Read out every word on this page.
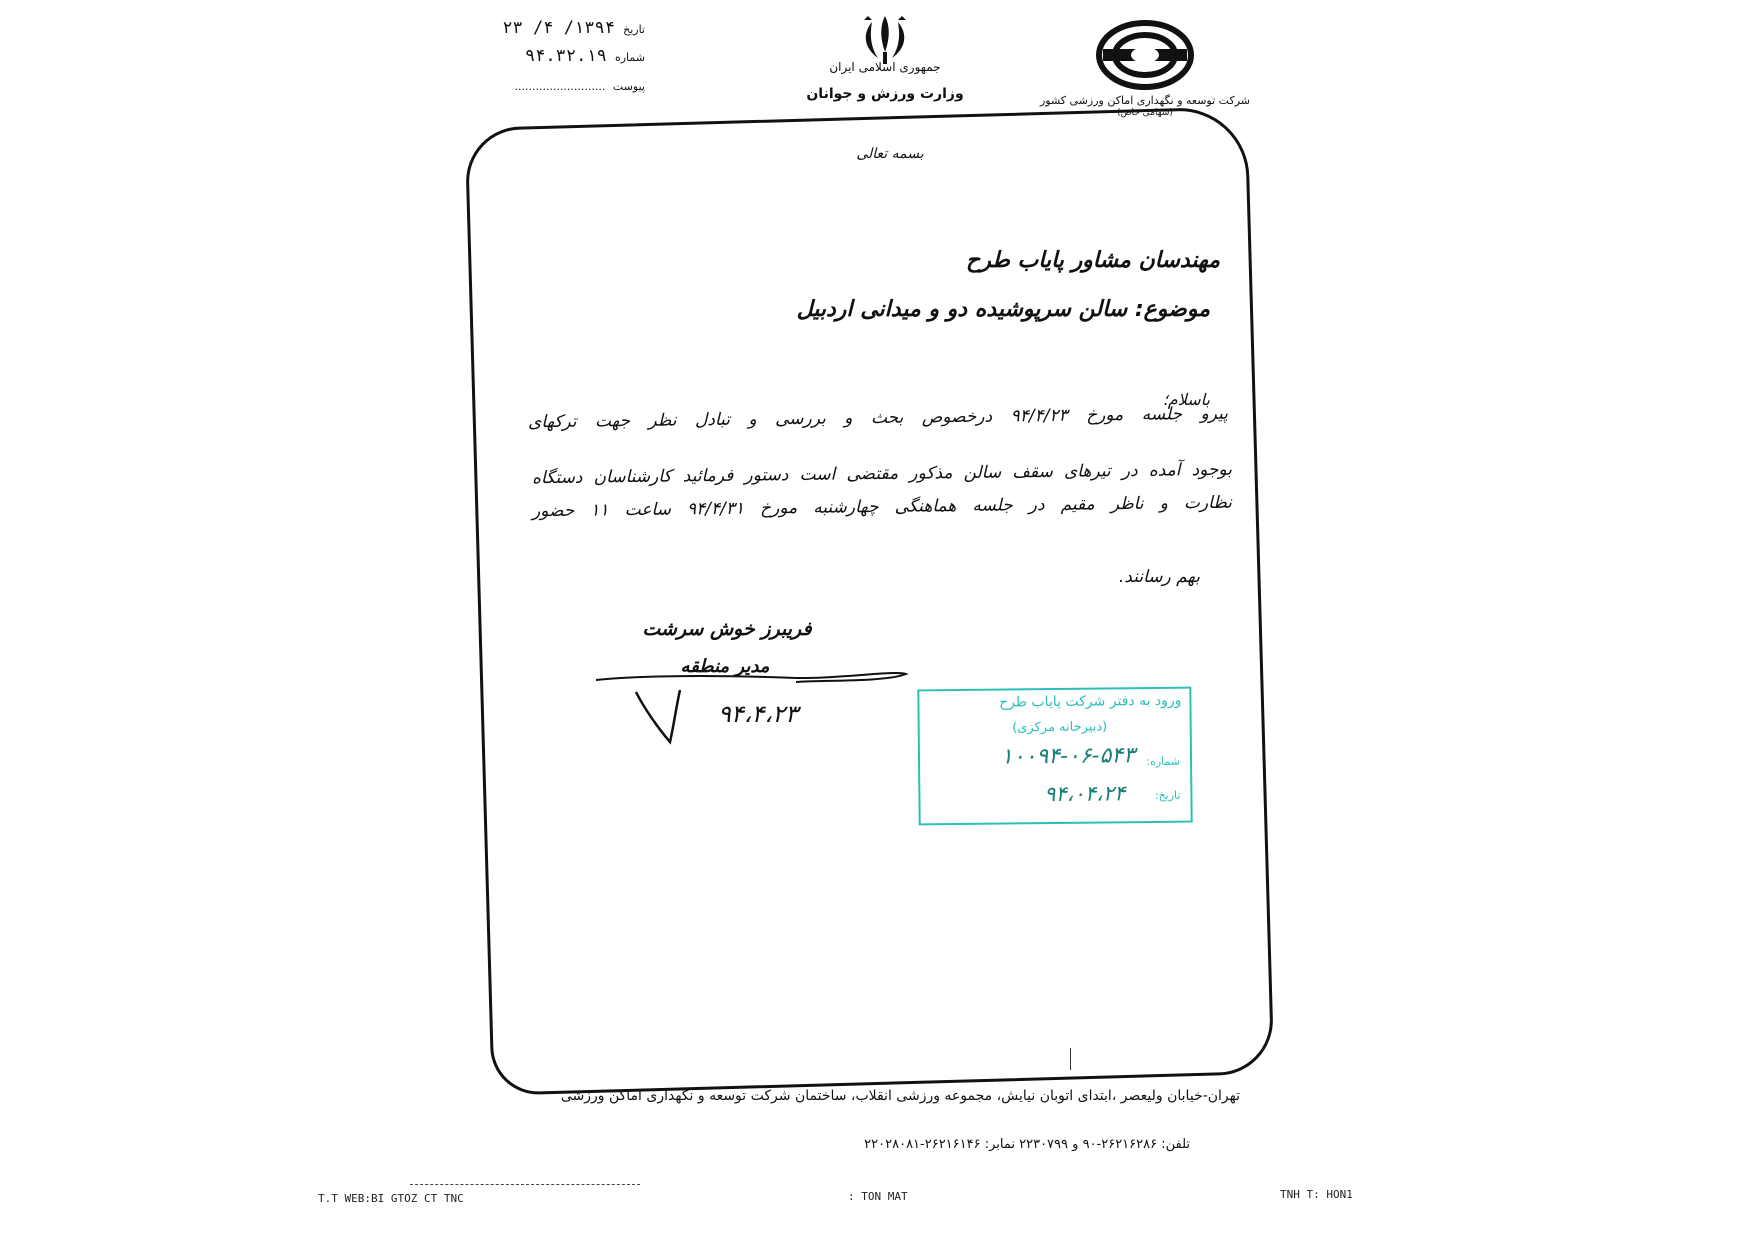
شرکت توسعه و نگهداری اماکن ورزشی کشور
(سهامی خاص)
جمهوری اسلامی ایران
وزارت ورزش و جوانان
تاریخ ۱۳۹۴/ ۴/ ۲۳
شماره ۹۴.۳۲.۱۹
پیوست ..........................
بسمه تعالی
مهندسان مشاور پایاب طرح
موضوع: سالن سرپوشیده دو و میدانی اردبیل
باسلام؛
پیرو جلسه مورخ ۹۴/۴/۲۳ درخصوص بحث و بررسی و تبادل نظر جهت ترکهای
بوجود آمده در تیرهای سقف سالن مذکور مقتضی است دستور فرمائید کارشناسان دستگاه
نظارت و ناظر مقیم در جلسه هماهنگی چهارشنبه مورخ ۹۴/۴/۳۱ ساعت ۱۱ حضور
بهم رسانند.
فریبرز خوش سرشت
مدیر منطقه
۹۴،۴،۲۳	ورود به دفتر شرکت پایاب طرح
(دبیرخانه مرکزی)
شماره:
۱۰۰۹۴-۰۶-۵۴۳
تاریخ:
۹۴،۰۴،۲۴
تهران-خیابان ولیعصر ،ابتدای اتوبان نیایش، مجموعه ورزشی انقلاب، ساختمان شرکت توسعه و نگهداری اماکن ورزشی
تلفن: ۲۶۲۱۶۲۸۶-۹۰ و ۲۲۳۰۷۹۹ نمابر: ۲۶۲۱۶۱۴۶-۲۲۰۲۸۰۸۱
T.T WEB:BI GTOZ CT TNC	: TON MAT	TNH T: HON1
